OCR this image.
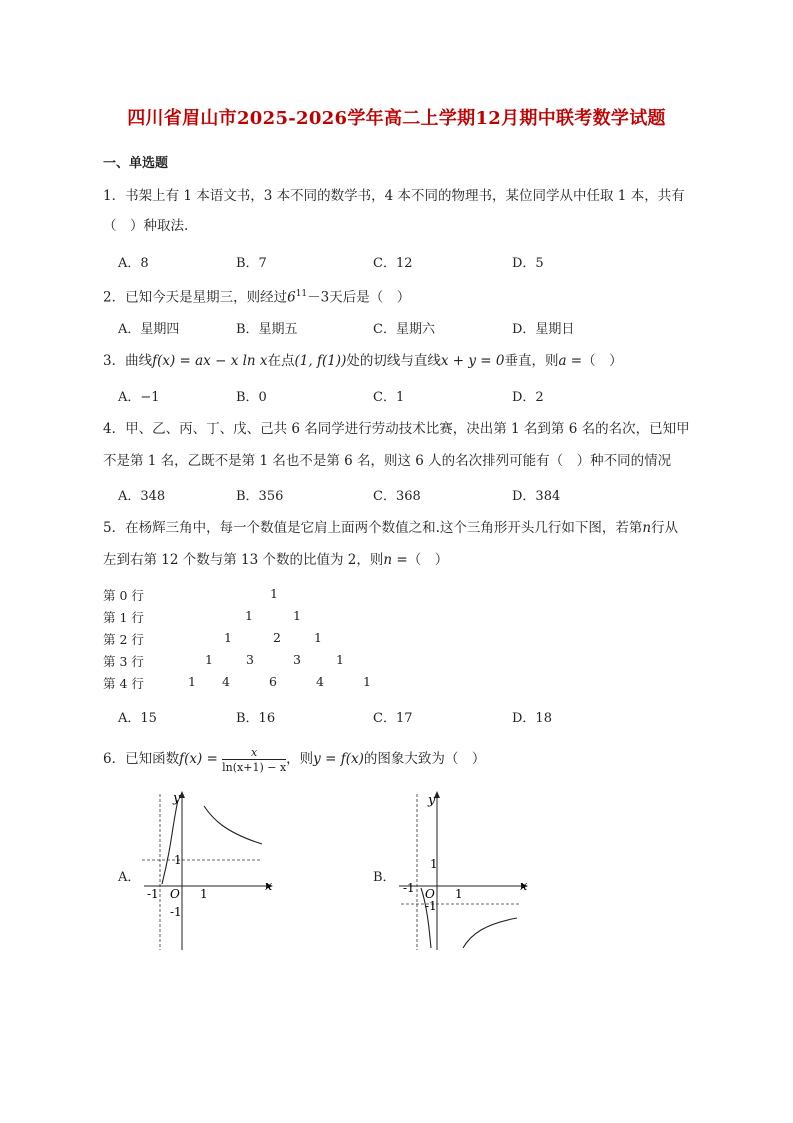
四川省眉山市2025-2026学年高二上学期12月期中联考数学试题
一、单选题
1．书架上有 1 本语文书，3 本不同的数学书，4 本不同的物理书，某位同学从中任取 1 本，共有
（　）种取法.
A．8	B．7	C．12	D．5
2．已知今天是星期三，则经过$6^{11}-3$天后是（　）
A．星期四	B．星期五	C．星期六	D．星期日
3．曲线f(x) = ax − x ln x在点(1, f(1))处的切线与直线x + y = 0垂直，则a =（　）
A．−1	B．0	C．1	D．2
4．甲、乙、丙、丁、戊、己共 6 名同学进行劳动技术比赛，决出第 1 名到第 6 名的名次，已知甲
不是第 1 名，乙既不是第 1 名也不是第 6 名，则这 6 人的名次排列可能有（　）种不同的情况
A．348	B．356	C．368	D．384
5．在杨辉三角中，每一个数值是它肩上面两个数值之和.这个三角形开头几行如下图，若第n行从
左到右第 12 个数与第 13 个数的比值为 2，则n =（　）
第 0 行	1
第 1 行	1	1
第 2 行	1	2	1
第 3 行	1	3	3	1
第 4 行	1 4	6	4	1
A．15	B．16	C．17	D．18
6．已知函数$f(x) = \frac{x}{\ln(x+1) - x}$ ，则y = f(x)的图象大致为（　）
A．
y
x
O 1
1
-1
-1
B．
y
x
O 1
1
-1
-1
